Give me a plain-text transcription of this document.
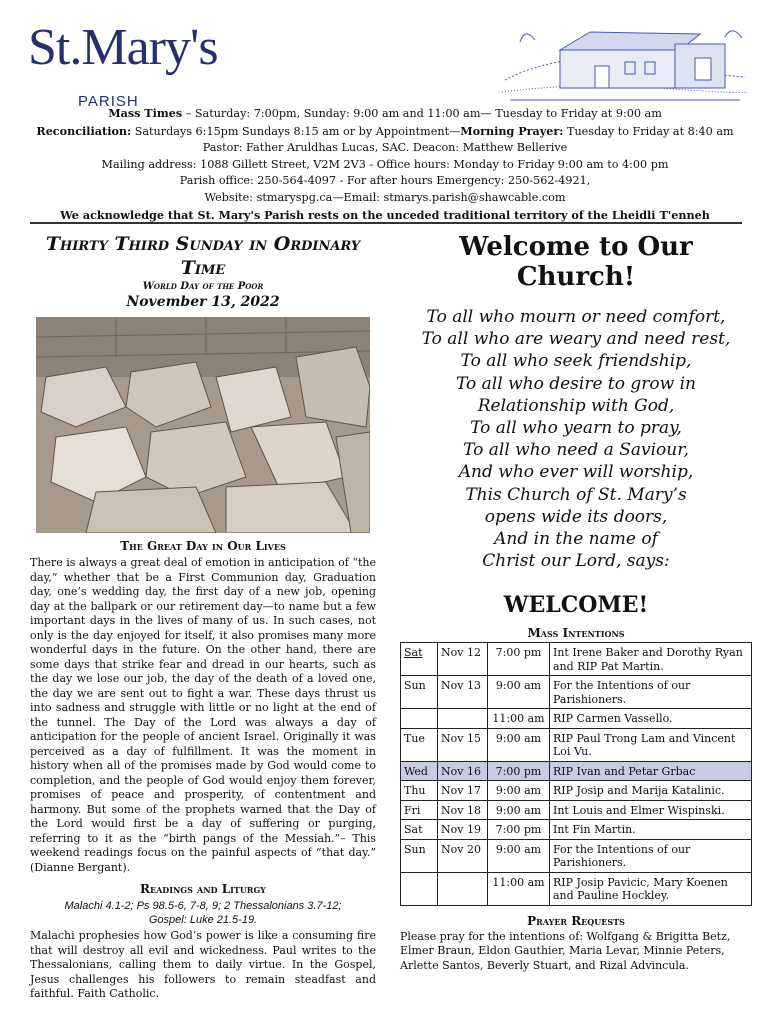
St.Mary's
PARISH
Mass Times – Saturday: 7:00pm, Sunday: 9:00 am and 11:00 am— Tuesday to Friday at 9:00 am
Reconciliation: Saturdays 6:15pm Sundays 8:15 am or by Appointment—Morning Prayer: Tuesday to Friday at 8:40 am
Pastor: Father Aruldhas Lucas, SAC. Deacon: Matthew Bellerive
Mailing address: 1088 Gillett Street, V2M 2V3 - Office hours: Monday to Friday 9:00 am to 4:00 pm
Parish office: 250-564-4097 - For after hours Emergency: 250-562-4921,
Website: stmaryspg.ca—Email: stmarys.parish@shawcable.com
We acknowledge that St. Mary's Parish rests on the unceded traditional territory of the Lheidli T'enneh
Thirty Third Sunday in Ordinary Time
World Day of the Poor
November 13, 2022
The Great Day in Our Lives
There is always a great deal of emotion in anticipation of “the day,” whether that be a First Communion day, Graduation day, one’s wedding day, the first day of a new job, opening day at the ballpark or our retirement day—to name but a few important days in the lives of many of us. In such cases, not only is the day enjoyed for itself, it also promises many more wonderful days in the future. On the other hand, there are some days that strike fear and dread in our hearts, such as the day we lose our job, the day of the death of a loved one, the day we are sent out to fight a war. These days thrust us into sadness and struggle with little or no light at the end of the tunnel. The Day of the Lord was always a day of anticipation for the people of ancient Israel. Originally it was perceived as a day of fulfillment. It was the moment in history when all of the promises made by God would come to completion, and the people of God would enjoy them forever, promises of peace and prosperity, of contentment and harmony. But some of the prophets warned that the Day of the Lord would first be a day of suffering or purging, referring to it as the “birth pangs of the Messiah.”– This weekend readings focus on the painful aspects of “that day.” (Dianne Bergant).
Readings and Liturgy
Malachi 4.1-2; Ps 98.5-6, 7-8, 9; 2 Thessalonians 3.7-12;
Gospel: Luke 21.5-19.
Malachi prophesies how God’s power is like a consuming fire that will destroy all evil and wickedness. Paul writes to the Thessalonians, calling them to daily virtue. In the Gospel, Jesus challenges his followers to remain steadfast and faithful. Faith Catholic.
Welcome to Our Church!
To all who mourn or need comfort,
To all who are weary and need rest,
To all who seek friendship,
To all who desire to grow in
Relationship with God,
To all who yearn to pray,
To all who need a Saviour,
And who ever will worship,
This Church of St. Mary’s
opens wide its doors,
And in the name of
Christ our Lord, says:
WELCOME!
Mass Intentions
Sat	Nov 12	7:00 pm	Int Irene Baker and Dorothy Ryan and RIP Pat Martin.
Sun	Nov 13	9:00 am	For the Intentions of our Parishioners.
		11:00 am	RIP Carmen Vassello.
Tue	Nov 15	9:00 am	RIP Paul Trong Lam and Vincent Loi Vu.
Wed	Nov 16	7:00 pm	RIP Ivan and Petar Grbac
Thu	Nov 17	9:00 am	RIP Josip and Marija Katalinic.
Fri	Nov 18	9:00 am	Int Louis and Elmer Wispinski.
Sat	Nov 19	7:00 pm	Int Fin Martin.
Sun	Nov 20	9:00 am	For the Intentions of our Parishioners.
		11:00 am	RIP Josip Pavicic, Mary Koenen and Pauline Hockley.
Prayer Requests
Please pray for the intentions of: Wolfgang & Brigitta Betz, Elmer Braun, Eldon Gauthier, Maria Levar, Minnie Peters, Arlette Santos, Beverly Stuart, and Rizal Advincula.
